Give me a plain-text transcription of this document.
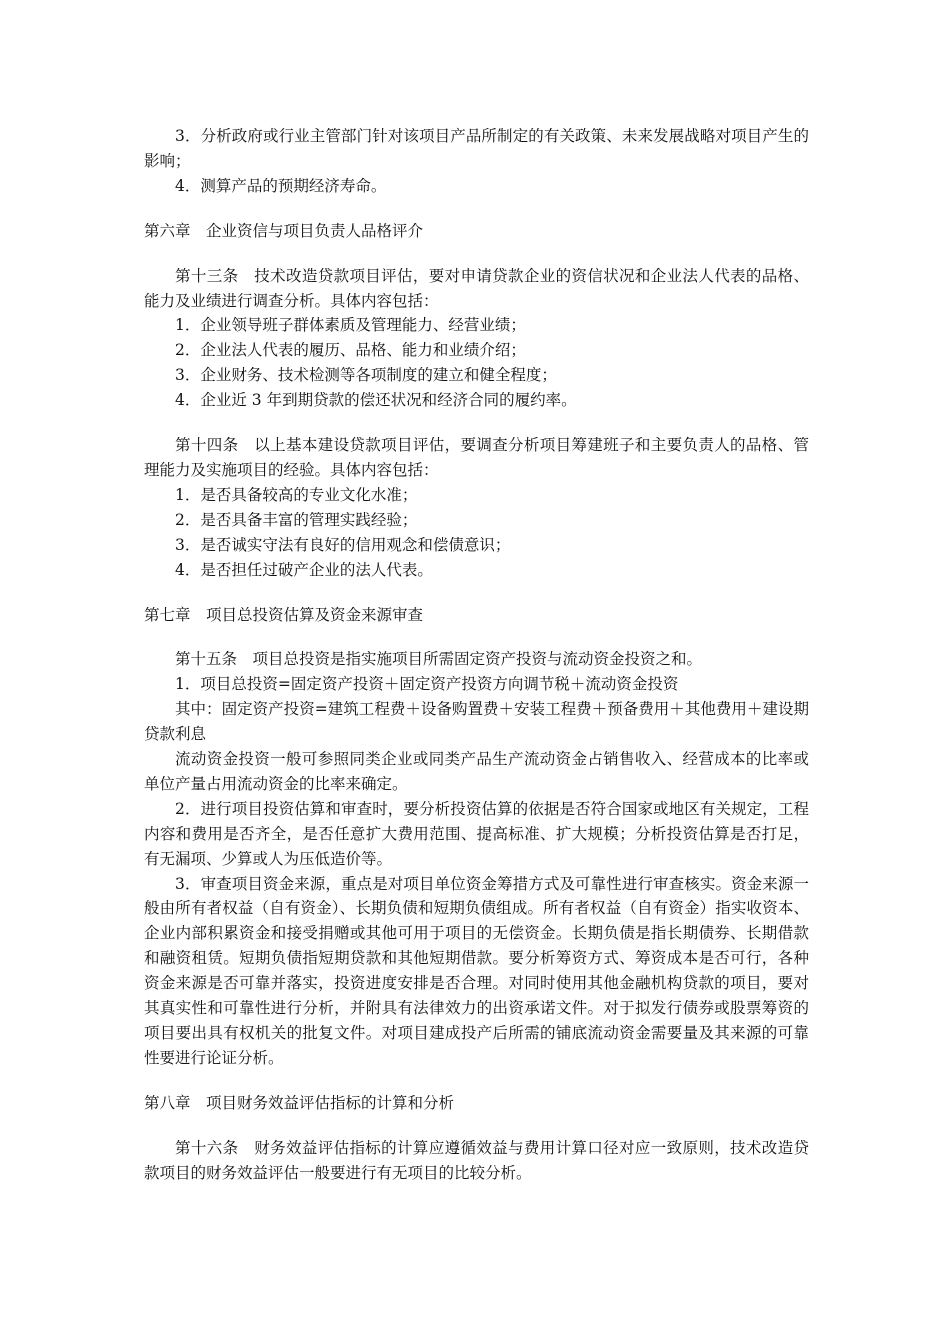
3．分析政府或行业主管部门针对该项目产品所制定的有关政策、未来发展战略对项目产生的影响；

4．测算产品的预期经济寿命。

第六章　企业资信与项目负责人品格评介

第十三条　技术改造贷款项目评估，要对申请贷款企业的资信状况和企业法人代表的品格、能力及业绩进行调查分析。具体内容包括：

1．企业领导班子群体素质及管理能力、经营业绩；

2．企业法人代表的履历、品格、能力和业绩介绍；

3．企业财务、技术检测等各项制度的建立和健全程度；

4．企业近 3 年到期贷款的偿还状况和经济合同的履约率。

第十四条　以上基本建设贷款项目评估，要调查分析项目筹建班子和主要负责人的品格、管理能力及实施项目的经验。具体内容包括：

1．是否具备较高的专业文化水准；

2．是否具备丰富的管理实践经验；

3．是否诚实守法有良好的信用观念和偿债意识；

4．是否担任过破产企业的法人代表。

第七章　项目总投资估算及资金来源审查

第十五条　项目总投资是指实施项目所需固定资产投资与流动资金投资之和。

1．项目总投资=固定资产投资＋固定资产投资方向调节税＋流动资金投资

其中：固定资产投资=建筑工程费＋设备购置费＋安装工程费＋预备费用＋其他费用＋建设期贷款利息

流动资金投资一般可参照同类企业或同类产品生产流动资金占销售收入、经营成本的比率或单位产量占用流动资金的比率来确定。

2．进行项目投资估算和审查时，要分析投资估算的依据是否符合国家或地区有关规定，工程内容和费用是否齐全，是否任意扩大费用范围、提高标准、扩大规模；分析投资估算是否打足，有无漏项、少算或人为压低造价等。

3．审查项目资金来源，重点是对项目单位资金筹措方式及可靠性进行审查核实。资金来源一般由所有者权益（自有资金）、长期负债和短期负债组成。所有者权益（自有资金）指实收资本、企业内部积累资金和接受捐赠或其他可用于项目的无偿资金。长期负债是指长期债券、长期借款和融资租赁。短期负债指短期贷款和其他短期借款。要分析筹资方式、筹资成本是否可行，各种资金来源是否可靠并落实，投资进度安排是否合理。对同时使用其他金融机构贷款的项目，要对其真实性和可靠性进行分析，并附具有法律效力的出资承诺文件。对于拟发行债券或股票筹资的项目要出具有权机关的批复文件。对项目建成投产后所需的铺底流动资金需要量及其来源的可靠性要进行论证分析。

第八章　项目财务效益评估指标的计算和分析

第十六条　财务效益评估指标的计算应遵循效益与费用计算口径对应一致原则，技术改造贷款项目的财务效益评估一般要进行有无项目的比较分析。
